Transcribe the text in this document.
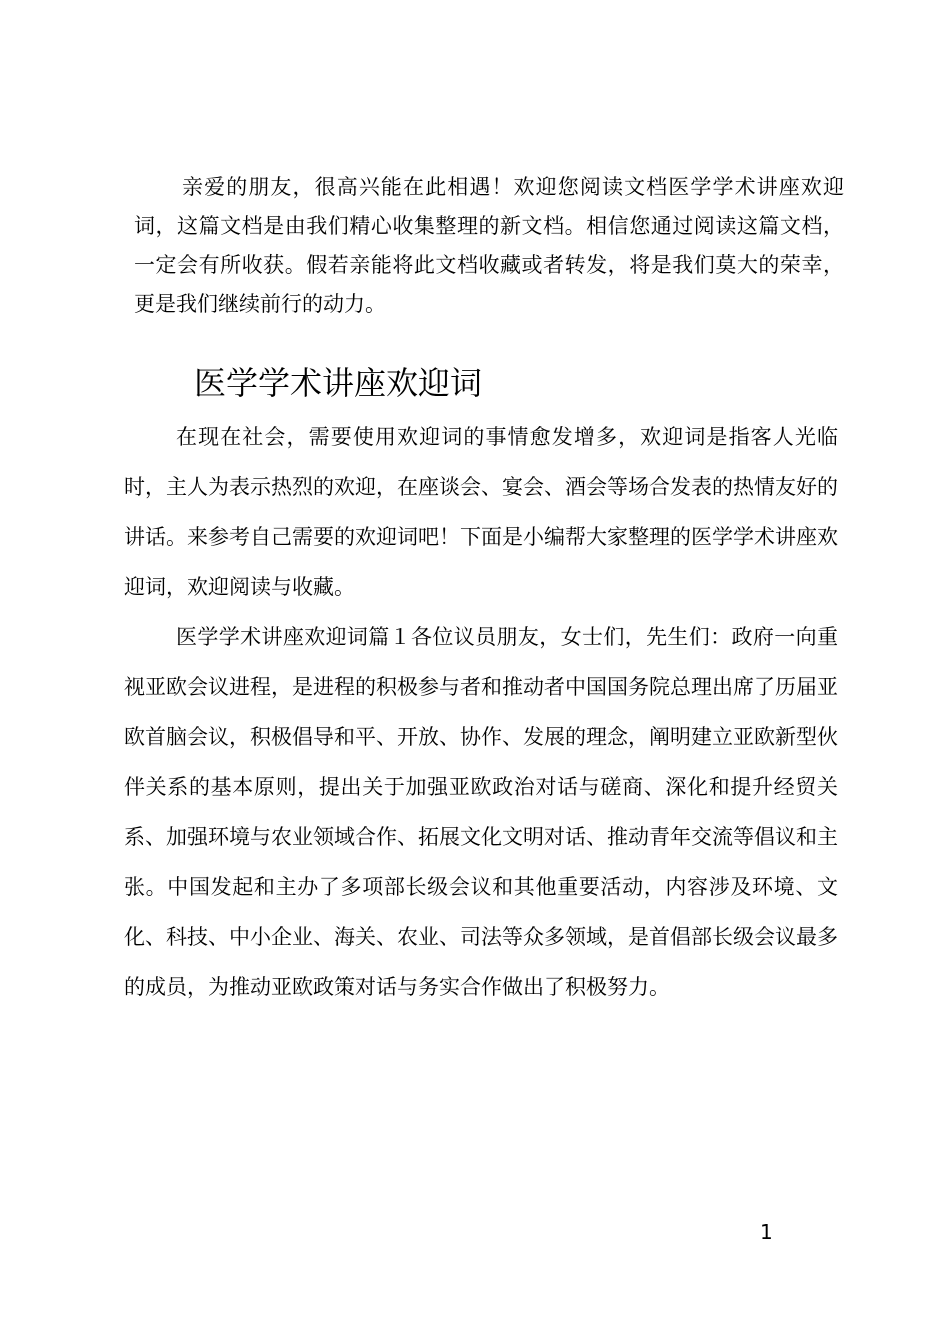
亲爱的朋友，很高兴能在此相遇！欢迎您阅读文档医学学术讲座欢迎词，这篇文档是由我们精心收集整理的新文档。相信您通过阅读这篇文档，一定会有所收获。假若亲能将此文档收藏或者转发，将是我们莫大的荣幸，更是我们继续前行的动力。

医学学术讲座欢迎词

在现在社会，需要使用欢迎词的事情愈发增多，欢迎词是指客人光临时，主人为表示热烈的欢迎，在座谈会、宴会、酒会等场合发表的热情友好的讲话。来参考自己需要的欢迎词吧！下面是小编帮大家整理的医学学术讲座欢迎词，欢迎阅读与收藏。

医学学术讲座欢迎词篇１各位议员朋友，女士们，先生们：政府一向重视亚欧会议进程，是进程的积极参与者和推动者中国国务院总理出席了历届亚欧首脑会议，积极倡导和平、开放、协作、发展的理念，阐明建立亚欧新型伙伴关系的基本原则，提出关于加强亚欧政治对话与磋商、深化和提升经贸关系、加强环境与农业领域合作、拓展文化文明对话、推动青年交流等倡议和主张。中国发起和主办了多项部长级会议和其他重要活动，内容涉及环境、文化、科技、中小企业、海关、农业、司法等众多领域，是首倡部长级会议最多的成员，为推动亚欧政策对话与务实合作做出了积极努力。

1
